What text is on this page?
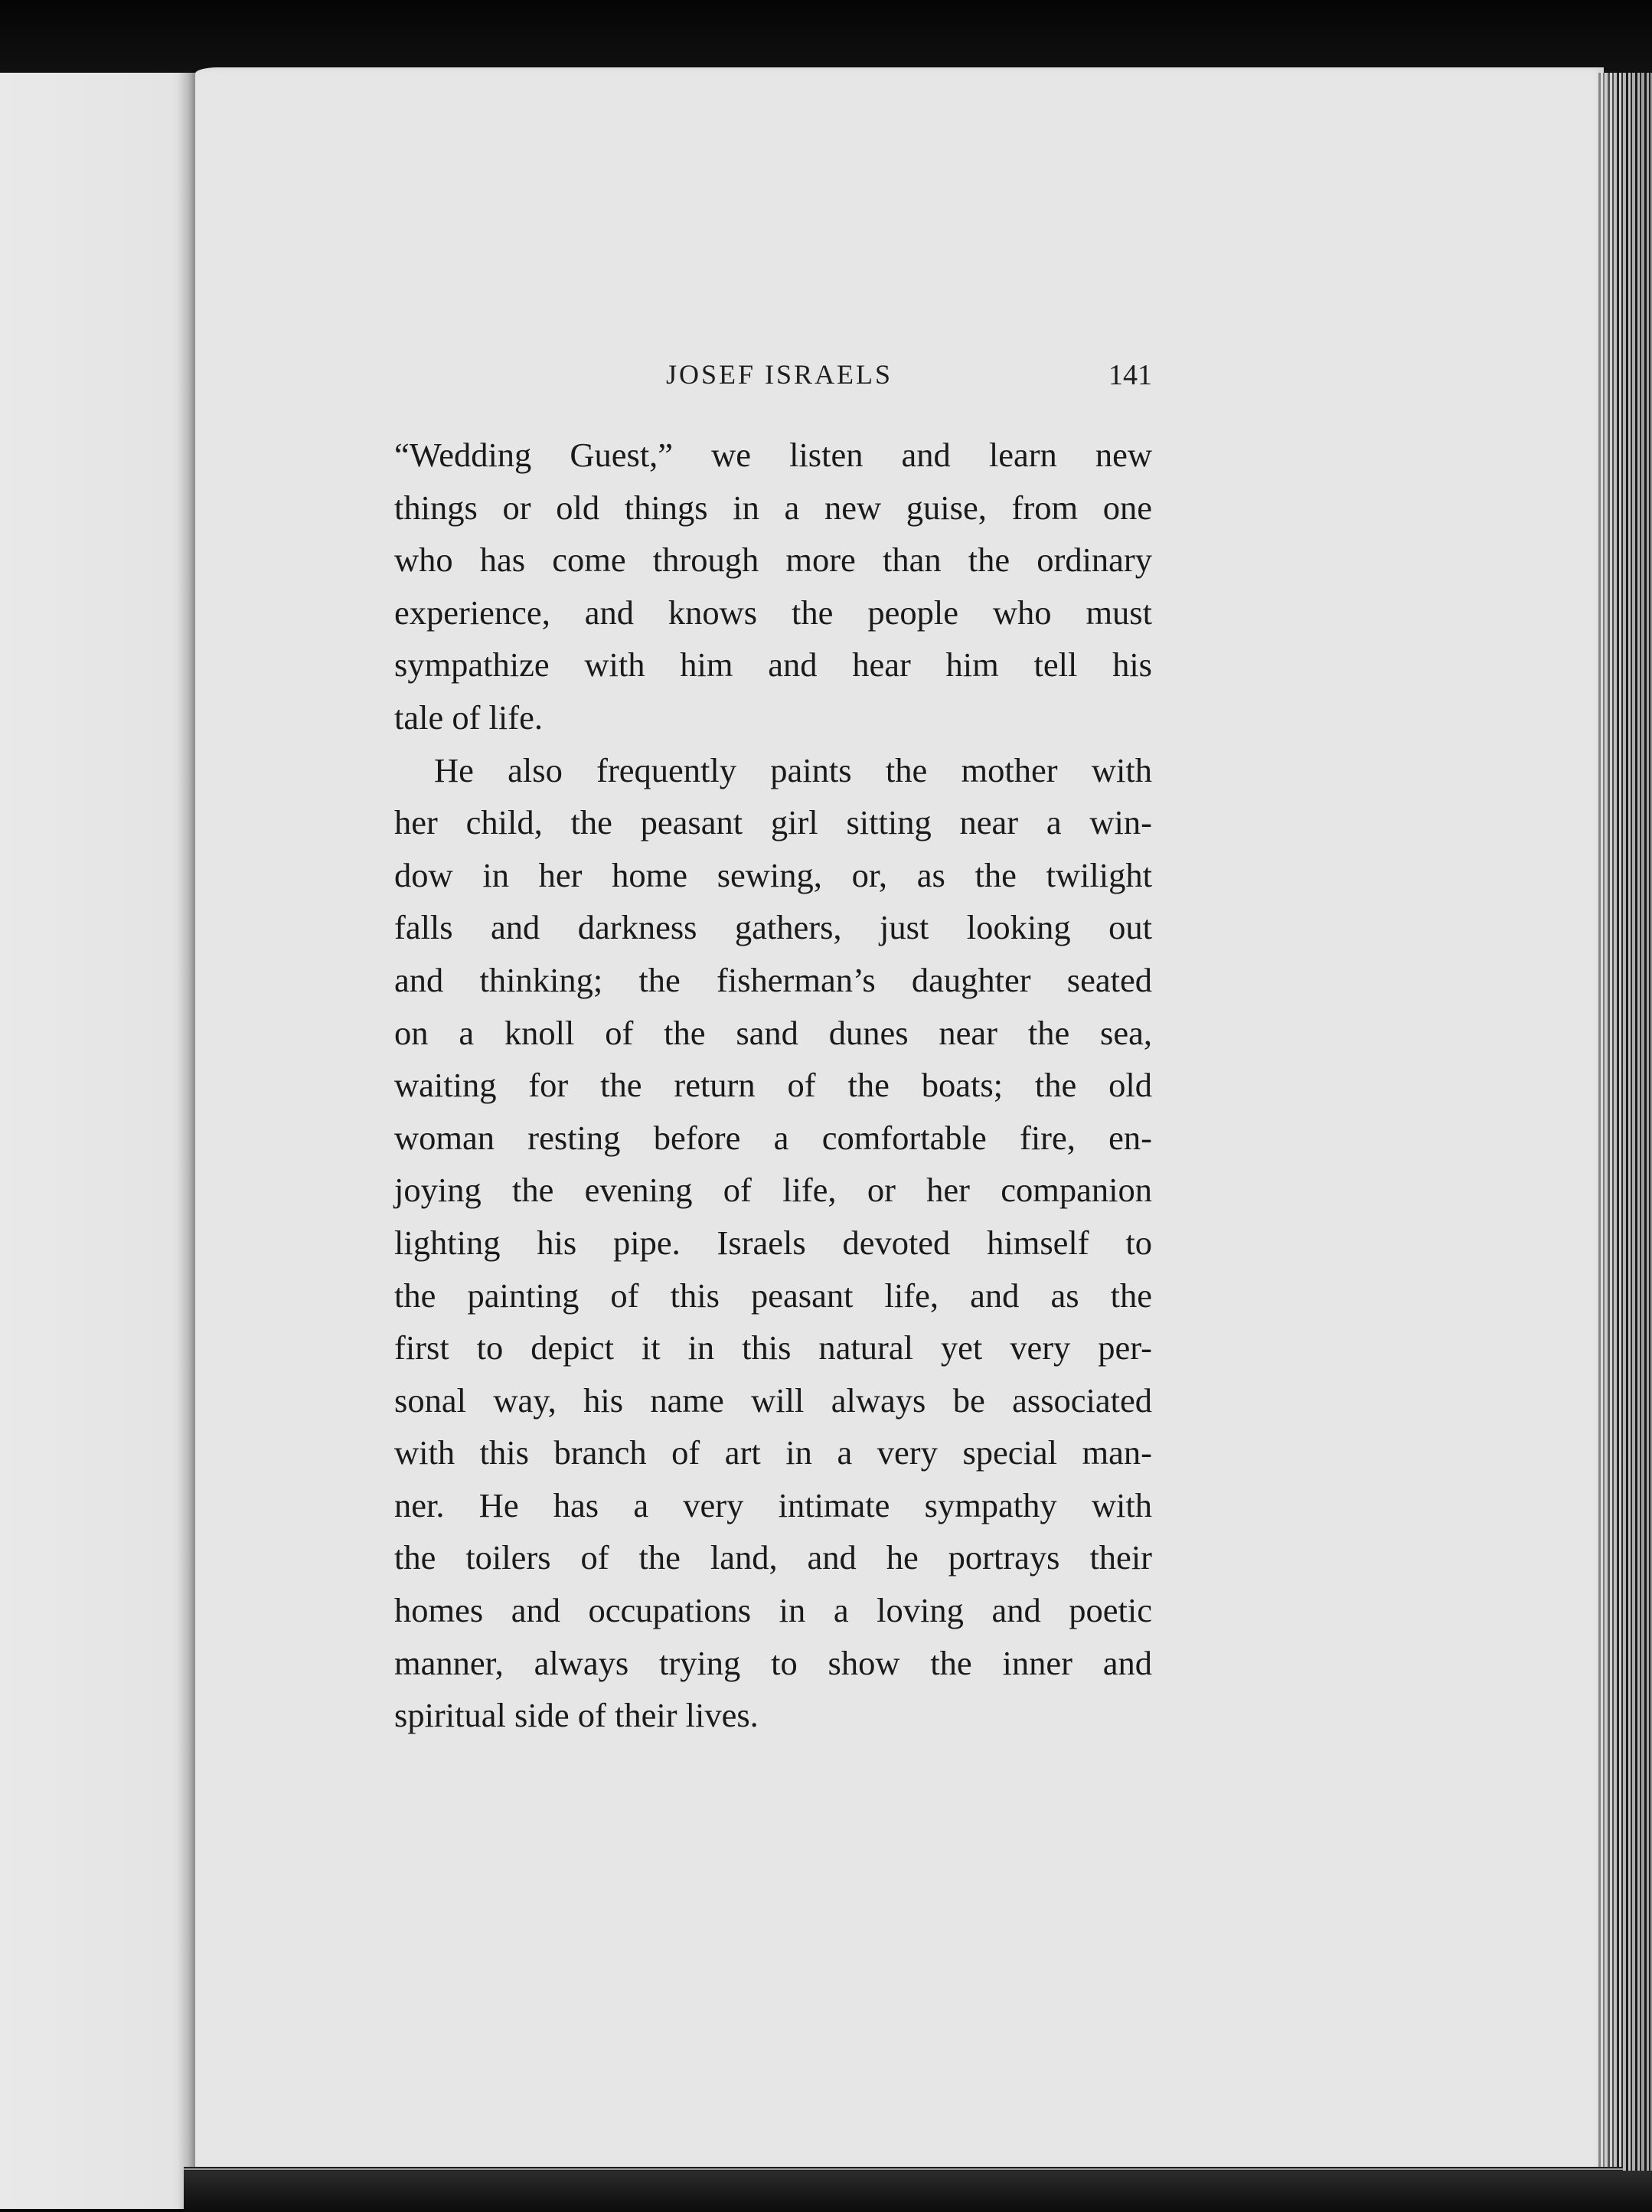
JOSEF ISRAELS	141
“Wedding Guest,” we listen and learn new
things or old things in a new guise, from one
who has come through more than the ordinary
experience, and knows the people who must
sympathize with him and hear him tell his
tale of life.
He also frequently paints the mother with
her child, the peasant girl sitting near a win-
dow in her home sewing, or, as the twilight
falls and darkness gathers, just looking out
and thinking; the fisherman’s daughter seated
on a knoll of the sand dunes near the sea,
waiting for the return of the boats; the old
woman resting before a comfortable fire, en-
joying the evening of life, or her companion
lighting his pipe. Israels devoted himself to
the painting of this peasant life, and as the
first to depict it in this natural yet very per-
sonal way, his name will always be associated
with this branch of art in a very special man-
ner. He has a very intimate sympathy with
the toilers of the land, and he portrays their
homes and occupations in a loving and poetic
manner, always trying to show the inner and
spiritual side of their lives.
